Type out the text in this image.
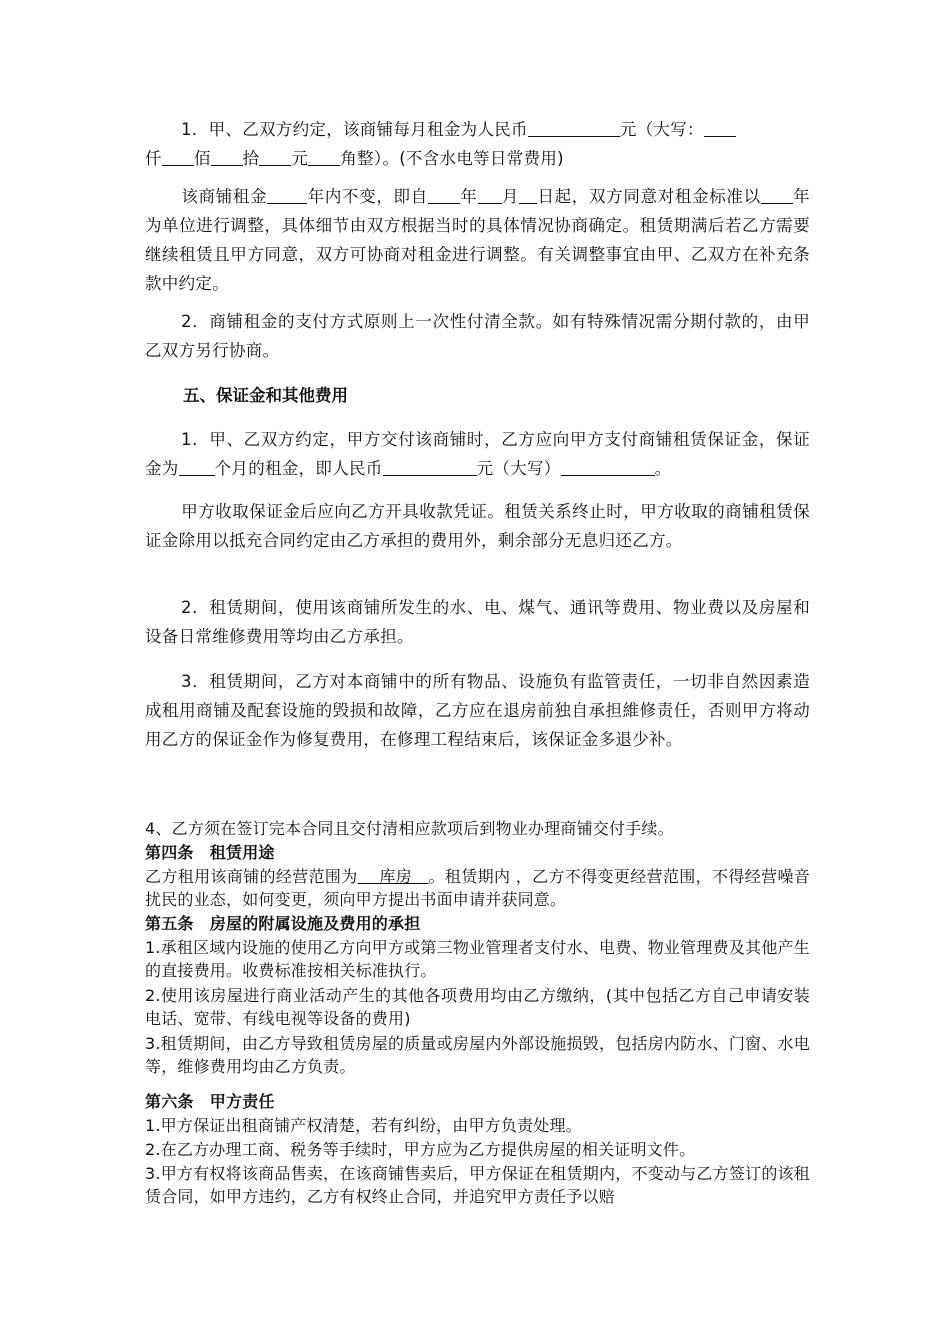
1．甲、乙双方约定，该商铺每月租金为人民币	元（大写：
仟 佰 拾 元 角整）。(不含水电等日常费用)
该商铺租金 年内不变，即自 年 月 日起，双方同意对租金标准以 年为单位进行调整，具体细节由双方根据当时的具体情况协商确定。租赁期满后若乙方需要继续租赁且甲方同意，双方可协商对租金进行调整。有关调整事宜由甲、乙双方在补充条款中约定。
2．商铺租金的支付方式原则上一次性付清全款。如有特殊情况需分期付款的，由甲乙双方另行协商。
五、保证金和其他费用
1．甲、乙双方约定，甲方交付该商铺时，乙方应向甲方支付商铺租赁保证金，保证金为 个月的租金，即人民币	元（大写）	。
甲方收取保证金后应向乙方开具收款凭证。租赁关系终止时，甲方收取的商铺租赁保证金除用以抵充合同约定由乙方承担的费用外，剩余部分无息归还乙方。
2．租赁期间，使用该商铺所发生的水、电、煤气、通讯等费用、物业费以及房屋和设备日常维修费用等均由乙方承担。
3．租赁期间，乙方对本商铺中的所有物品、设施负有监管责任，一切非自然因素造成租用商铺及配套设施的毁损和故障，乙方应在退房前独自承担維修责任，否则甲方将动用乙方的保证金作为修复费用，在修理工程结束后，该保证金多退少补。
4、乙方须在签订完本合同且交付清相应款项后到物业办理商铺交付手续。
第四条　租赁用途
乙方租用该商铺的经营范围为　 库房　。租赁期内 ，乙方不得变更经营范围，不得经营噪音扰民的业态，如何变更，须向甲方提出书面申请并获同意。
第五条　房屋的附属设施及费用的承担
1.承租区域内设施的使用乙方向甲方或第三物业管理者支付水、电费、物业管理费及其他产生的直接费用。收费标准按相关标准执行。
2.使用该房屋进行商业活动产生的其他各项费用均由乙方缴纳，(其中包括乙方自己申请安装电话、宽带、有线电视等设备的费用)
3.租赁期间，由乙方导致租赁房屋的质量或房屋内外部设施损毁，包括房内防水、门窗、水电等，维修费用均由乙方负责。
第六条　甲方责任
1.甲方保证出租商铺产权清楚，若有纠纷，由甲方负责处理。
2.在乙方办理工商、税务等手续时，甲方应为乙方提供房屋的相关证明文件。
3.甲方有权将该商品售卖，在该商铺售卖后，甲方保证在租赁期内，不变动与乙方签订的该租赁合同，如甲方违约，乙方有权终止合同，并追究甲方责任予以赔
